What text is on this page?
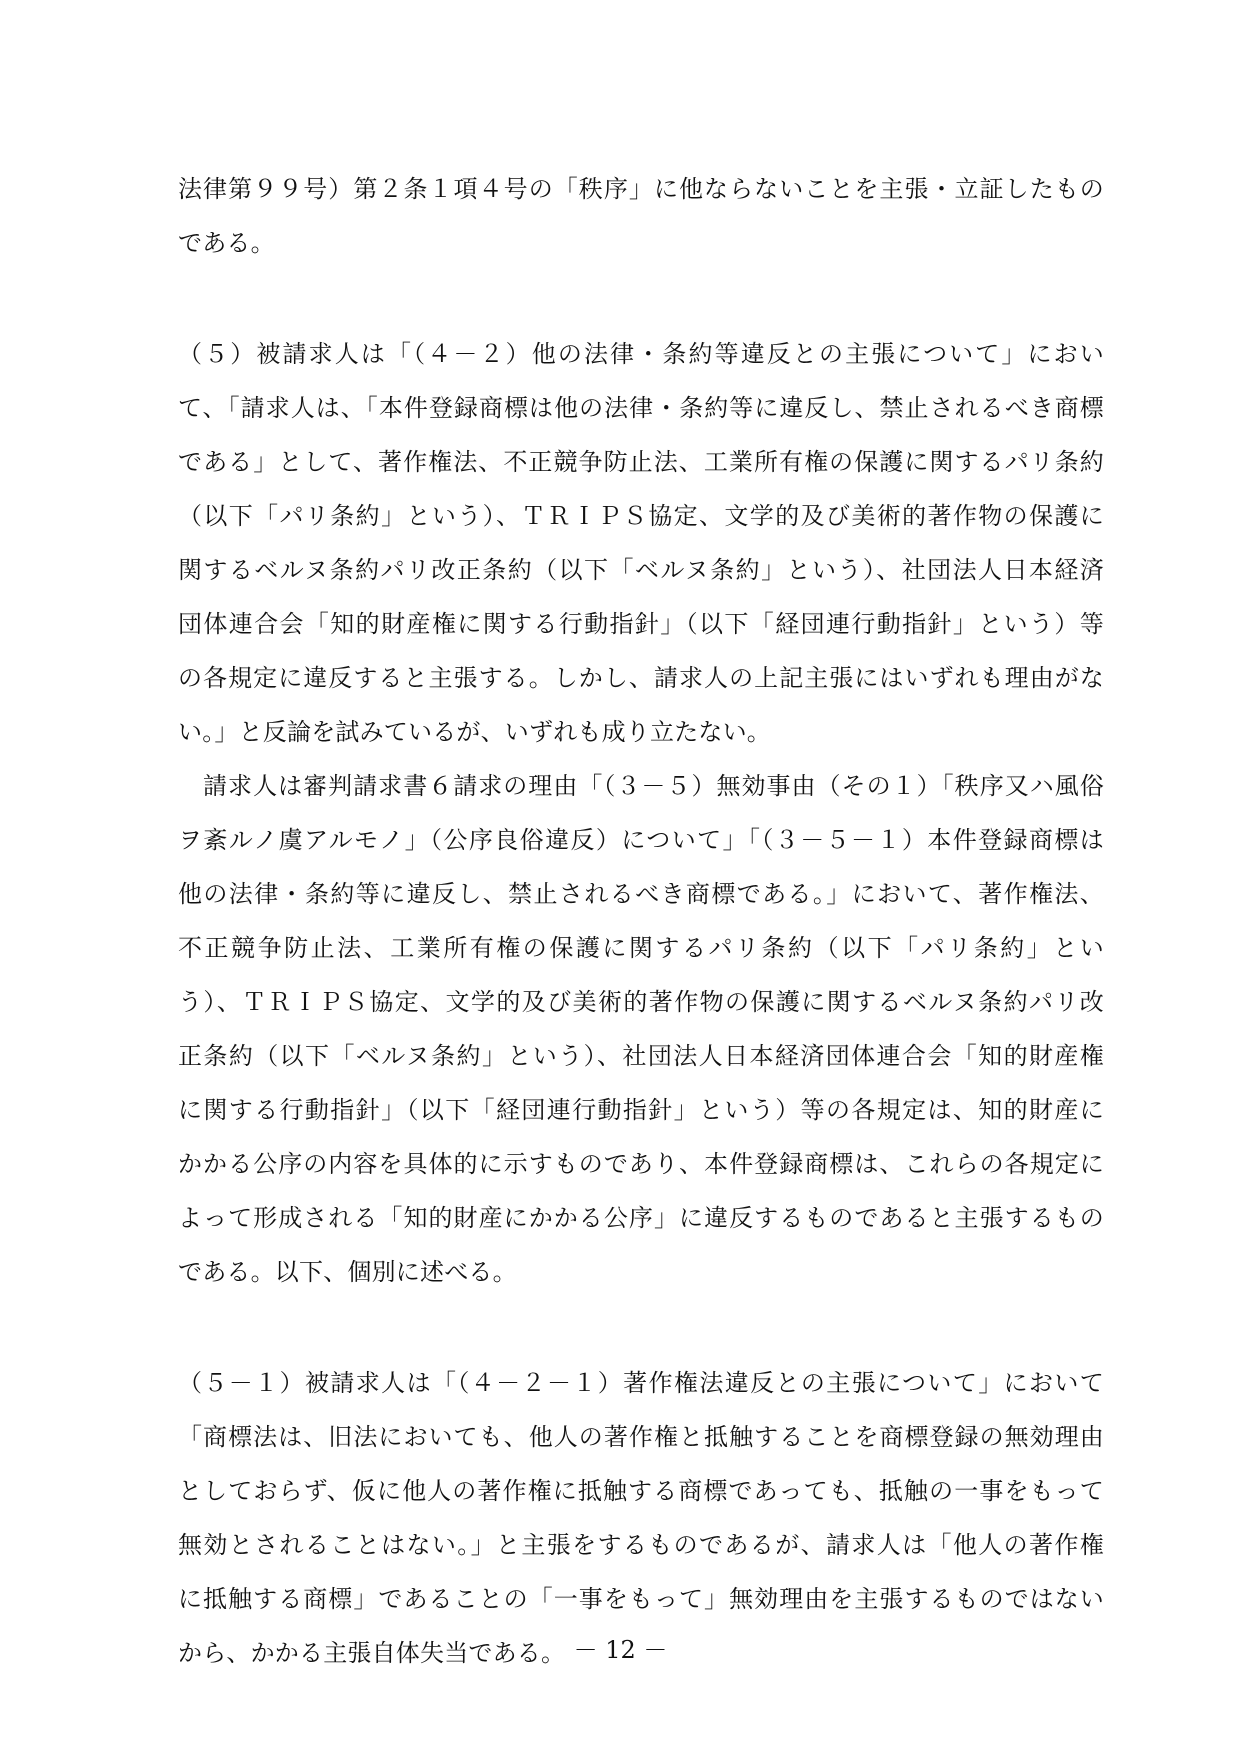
法律第９９号）第２条１項４号の「秩序」に他ならないことを主張・立証したもの
である。
（５）被請求人は「（４－２）他の法律・条約等違反との主張について」におい
て、「請求人は、「本件登録商標は他の法律・条約等に違反し、禁止されるべき商標
である」として、著作権法、不正競争防止法、工業所有権の保護に関するパリ条約
（以下「パリ条約」という）、ＴＲＩＰＳ協定、文学的及び美術的著作物の保護に
関するベルヌ条約パリ改正条約（以下「ベルヌ条約」という）、社団法人日本経済
団体連合会「知的財産権に関する行動指針」（以下「経団連行動指針」という）等
の各規定に違反すると主張する。しかし、請求人の上記主張にはいずれも理由がな
い。」と反論を試みているが、いずれも成り立たない。
　請求人は審判請求書６請求の理由「（３－５）無効事由（その１）「秩序又ハ風俗
ヲ紊ルノ虞アルモノ」（公序良俗違反）について」「（３－５－１）本件登録商標は
他の法律・条約等に違反し、禁止されるべき商標である。」において、著作権法、
不正競争防止法、工業所有権の保護に関するパリ条約（以下「パリ条約」とい
う）、ＴＲＩＰＳ協定、文学的及び美術的著作物の保護に関するベルヌ条約パリ改
正条約（以下「ベルヌ条約」という）、社団法人日本経済団体連合会「知的財産権
に関する行動指針」（以下「経団連行動指針」という）等の各規定は、知的財産に
かかる公序の内容を具体的に示すものであり、本件登録商標は、これらの各規定に
よって形成される「知的財産にかかる公序」に違反するものであると主張するもの
である。以下、個別に述べる。
（５－１）被請求人は「（４－２－１）著作権法違反との主張について」において
「商標法は、旧法においても、他人の著作権と抵触することを商標登録の無効理由
としておらず、仮に他人の著作権に抵触する商標であっても、抵触の一事をもって
無効とされることはない。」と主張をするものであるが、請求人は「他人の著作権
に抵触する商標」であることの「一事をもって」無効理由を主張するものではない
から、かかる主張自体失当である。 － 12 －
